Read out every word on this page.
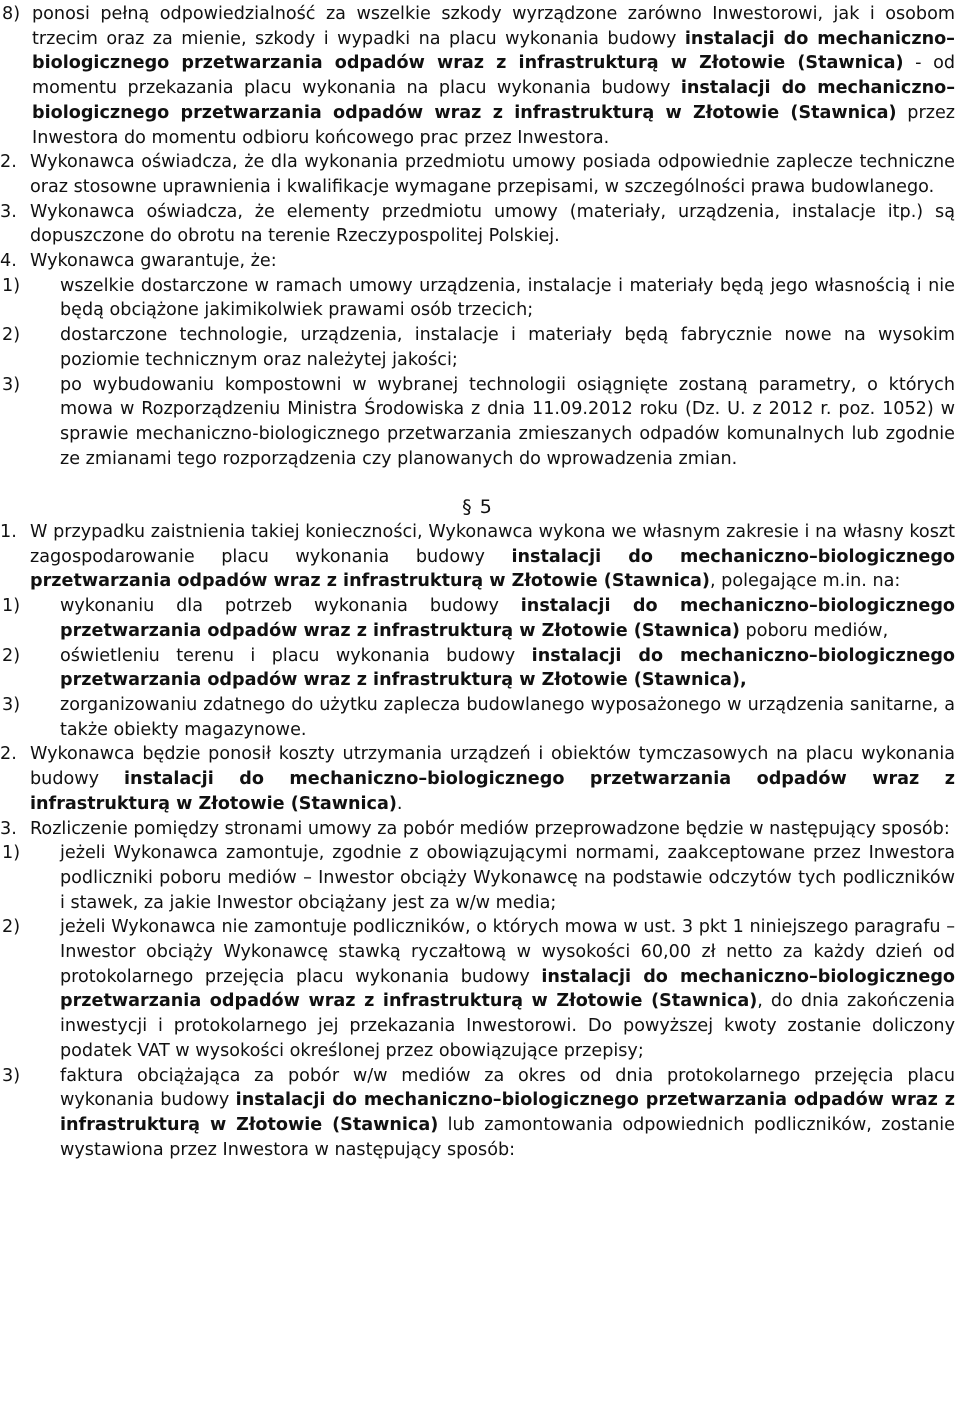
8) ponosi pełną odpowiedzialność za wszelkie szkody wyrządzone zarówno Inwestorowi, jak i osobom trzecim oraz za mienie, szkody i wypadki na placu wykonania budowy instalacji do mechaniczno–biologicznego przetwarzania odpadów wraz z infrastrukturą w Złotowie (Stawnica) - od momentu przekazania placu wykonania na placu wykonania budowy instalacji do mechaniczno–biologicznego przetwarzania odpadów wraz z infrastrukturą w Złotowie (Stawnica) przez Inwestora do momentu odbioru końcowego prac przez Inwestora.

2. Wykonawca oświadcza, że dla wykonania przedmiotu umowy posiada odpowiednie zaplecze techniczne oraz stosowne uprawnienia i kwalifikacje wymagane przepisami, w szczególności prawa budowlanego.

3. Wykonawca oświadcza, że elementy przedmiotu umowy (materiały, urządzenia, instalacje itp.) są dopuszczone do obrotu na terenie Rzeczypospolitej Polskiej.

4. Wykonawca gwarantuje, że:

1)	wszelkie dostarczone w ramach umowy urządzenia, instalacje i materiały będą jego własnością i nie będą obciążone jakimikolwiek prawami osób trzecich;

2)	dostarczone technologie, urządzenia, instalacje i materiały będą fabrycznie nowe na wysokim poziomie technicznym oraz należytej jakości;

3)	po wybudowaniu kompostowni w wybranej technologii osiągnięte zostaną parametry, o których mowa w Rozporządzeniu Ministra Środowiska z dnia 11.09.2012 roku (Dz. U. z 2012 r. poz. 1052) w sprawie mechaniczno-biologicznego przetwarzania zmieszanych odpadów komunalnych lub zgodnie ze zmianami tego rozporządzenia czy planowanych do wprowadzenia zmian.

§ 5
1. W przypadku zaistnienia takiej konieczności, Wykonawca wykona we własnym zakresie i na własny koszt zagospodarowanie placu wykonania budowy instalacji do mechaniczno–biologicznego przetwarzania odpadów wraz z infrastrukturą w Złotowie (Stawnica), polegające m.in. na:

1)	wykonaniu dla potrzeb wykonania budowy instalacji do mechaniczno–biologicznego przetwarzania odpadów wraz z infrastrukturą w Złotowie (Stawnica) poboru mediów,

2)	oświetleniu terenu i placu wykonania budowy instalacji do mechaniczno–biologicznego przetwarzania odpadów wraz z infrastrukturą w Złotowie (Stawnica),

3)	zorganizowaniu zdatnego do użytku zaplecza budowlanego wyposażonego w urządzenia sanitarne, a także obiekty magazynowe.

2. Wykonawca będzie ponosił koszty utrzymania urządzeń i obiektów tymczasowych na placu wykonania budowy instalacji do mechaniczno–biologicznego przetwarzania odpadów wraz z infrastrukturą w Złotowie (Stawnica).

3. Rozliczenie pomiędzy stronami umowy za pobór mediów przeprowadzone będzie w następujący sposób:

1)	jeżeli Wykonawca zamontuje, zgodnie z obowiązującymi normami, zaakceptowane przez Inwestora podliczniki poboru mediów – Inwestor obciąży Wykonawcę na podstawie odczytów tych podliczników i stawek, za jakie Inwestor obciążany jest za w/w media;

2)	jeżeli Wykonawca nie zamontuje podliczników, o których mowa w ust. 3 pkt 1 niniejszego paragrafu – Inwestor obciąży Wykonawcę stawką ryczałtową w wysokości 60,00 zł netto za każdy dzień od protokolarnego przejęcia placu wykonania budowy instalacji do mechaniczno–biologicznego przetwarzania odpadów wraz z infrastrukturą w Złotowie (Stawnica), do dnia zakończenia inwestycji i protokolarnego jej przekazania Inwestorowi. Do powyższej kwoty zostanie doliczony podatek VAT w wysokości określonej przez obowiązujące przepisy;

3)	faktura obciążająca za pobór w/w mediów za okres od dnia protokolarnego przejęcia placu wykonania budowy instalacji do mechaniczno–biologicznego przetwarzania odpadów wraz z infrastrukturą w Złotowie (Stawnica) lub zamontowania odpowiednich podliczników, zostanie wystawiona przez Inwestora w następujący sposób:
